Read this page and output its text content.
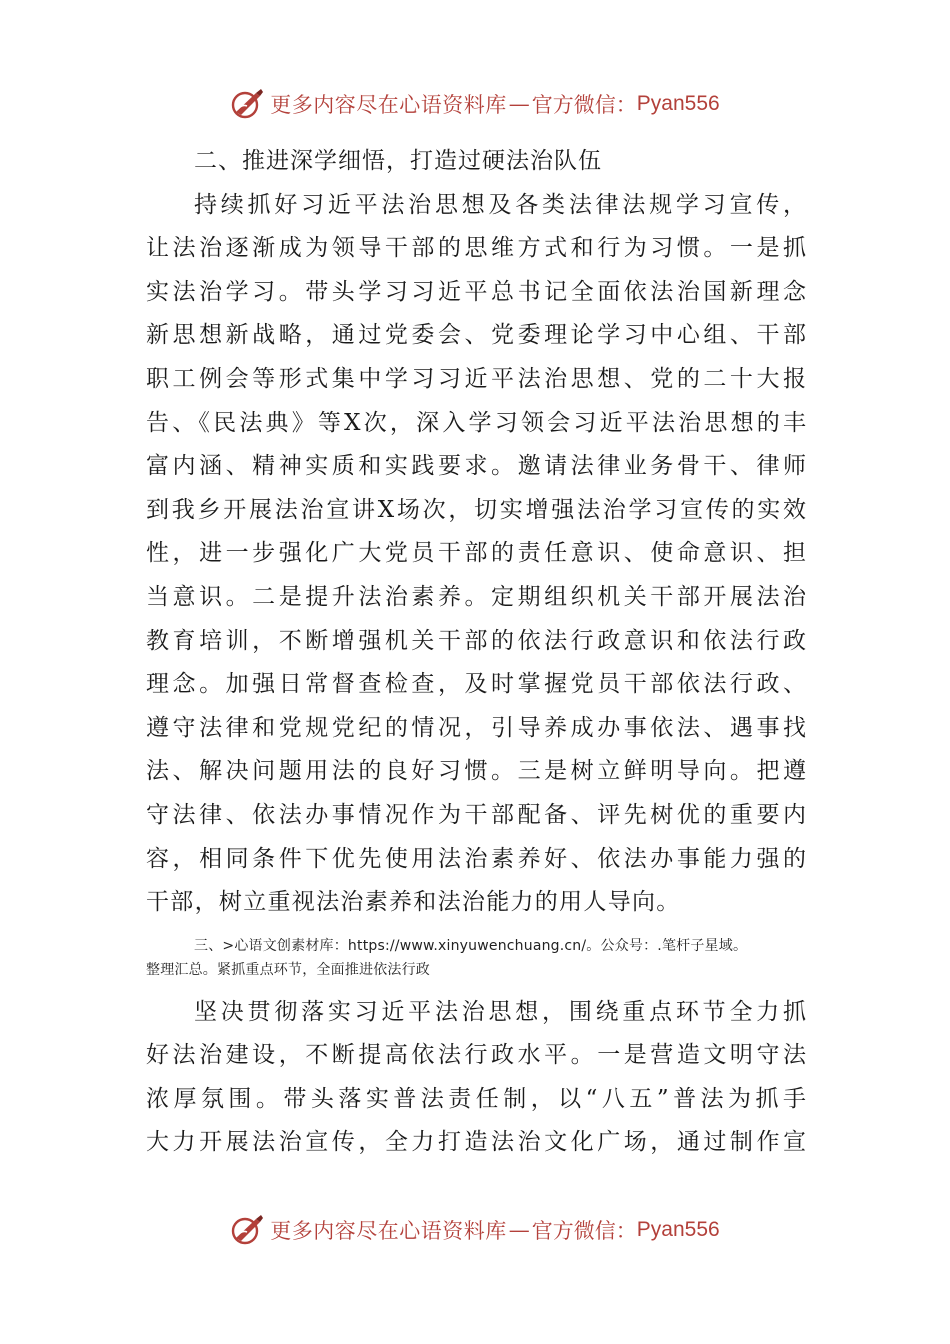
更多内容尽在心语资料库 — 官方微信： Pyan556
二、推进深学细悟，打造过硬法治队伍
持续抓好习近平法治思想及各类法律法规学习宣传，
让法治逐渐成为领导干部的思维方式和行为习惯。一是抓
实法治学习。带头学习习近平总书记全面依法治国新理念
新思想新战略，通过党委会、党委理论学习中心组、干部
职工例会等形式集中学习习近平法治思想、党的二十大报
告、《民法典》等X次，深入学习领会习近平法治思想的丰
富内涵、精神实质和实践要求。邀请法律业务骨干、律师
到我乡开展法治宣讲X场次，切实增强法治学习宣传的实效
性，进一步强化广大党员干部的责任意识、使命意识、担
当意识。二是提升法治素养。定期组织机关干部开展法治
教育培训，不断增强机关干部的依法行政意识和依法行政
理念。加强日常督查检查，及时掌握党员干部依法行政、
遵守法律和党规党纪的情况，引导养成办事依法、遇事找
法、解决问题用法的良好习惯。三是树立鲜明导向。把遵
守法律、依法办事情况作为干部配备、评先树优的重要内
容，相同条件下优先使用法治素养好、依法办事能力强的
干部，树立重视法治素养和法治能力的用人导向。
三、>心语文创素材库：https://www.xinyuwenchuang.cn/。公众号：.笔杆子星域。
整理汇总。紧抓重点环节，全面推进依法行政
坚决贯彻落实习近平法治思想，围绕重点环节全力抓
好法治建设，不断提高依法行政水平。一是营造文明守法
浓厚氛围。带头落实普法责任制，以“八五”普法为抓手
大力开展法治宣传，全力打造法治文化广场，通过制作宣
更多内容尽在心语资料库 — 官方微信： Pyan556
